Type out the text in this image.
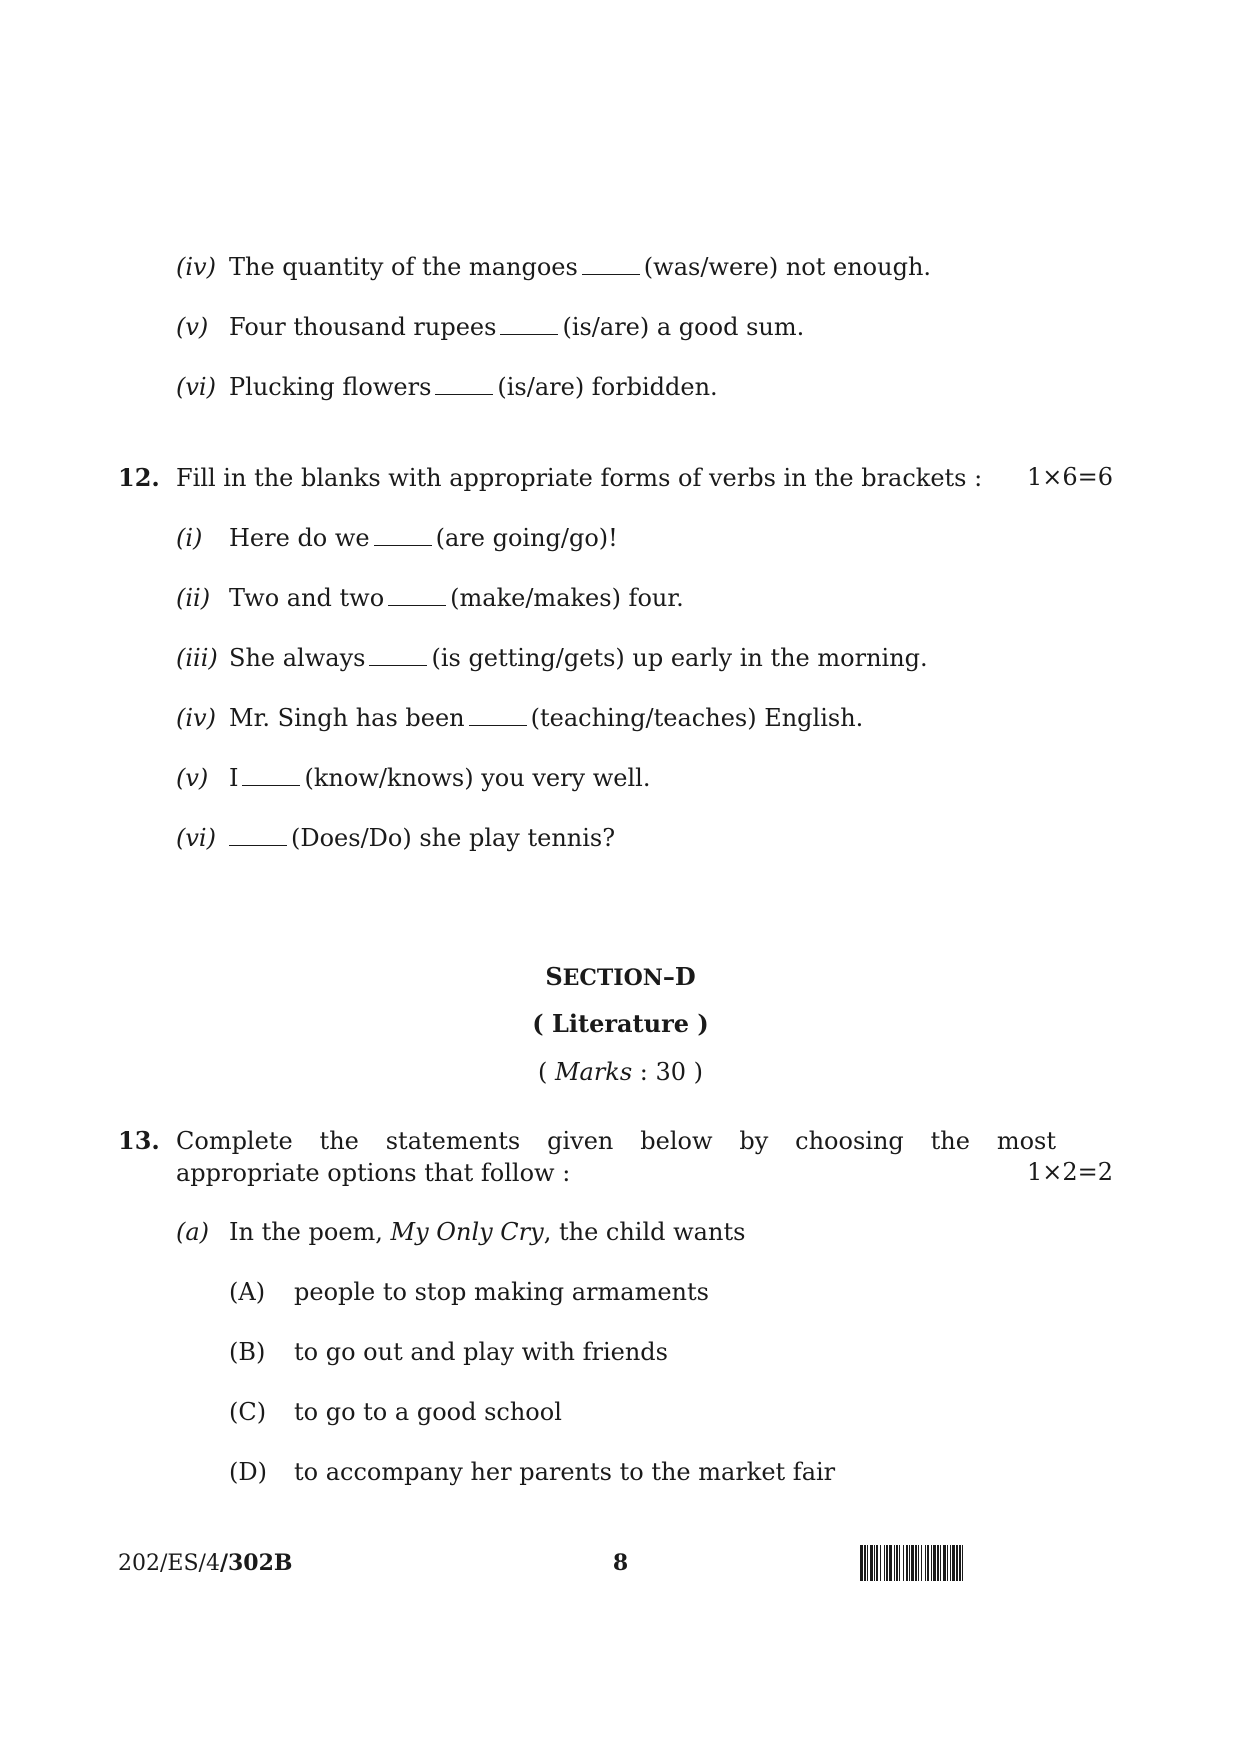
(iv) The quantity of the mangoes	(was/were) not enough.
(v) Four thousand rupees	(is/are) a good sum.
(vi) Plucking flowers	(is/are) forbidden.
12. Fill in the blanks with appropriate forms of verbs in the brackets : 1×6=6
(i) Here do we	(are going/go)!
(ii) Two and two	(make/makes) four.
(iii) She always	(is getting/gets) up early in the morning.
(iv) Mr. Singh has been	(teaching/teaches) English.
(v) I	(know/knows) you very well.
(vi)	(Does/Do) she play tennis?
SECTION–D
( Literature )
( Marks : 30 )
13. Complete the statements given below by choosing the most
appropriate options that follow :	1×2=2
(a) In the poem, My Only Cry, the child wants
(A) people to stop making armaments
(B) to go out and play with friends
(C) to go to a good school
(D) to accompany her parents to the market fair
202/ES/4/302B	8
